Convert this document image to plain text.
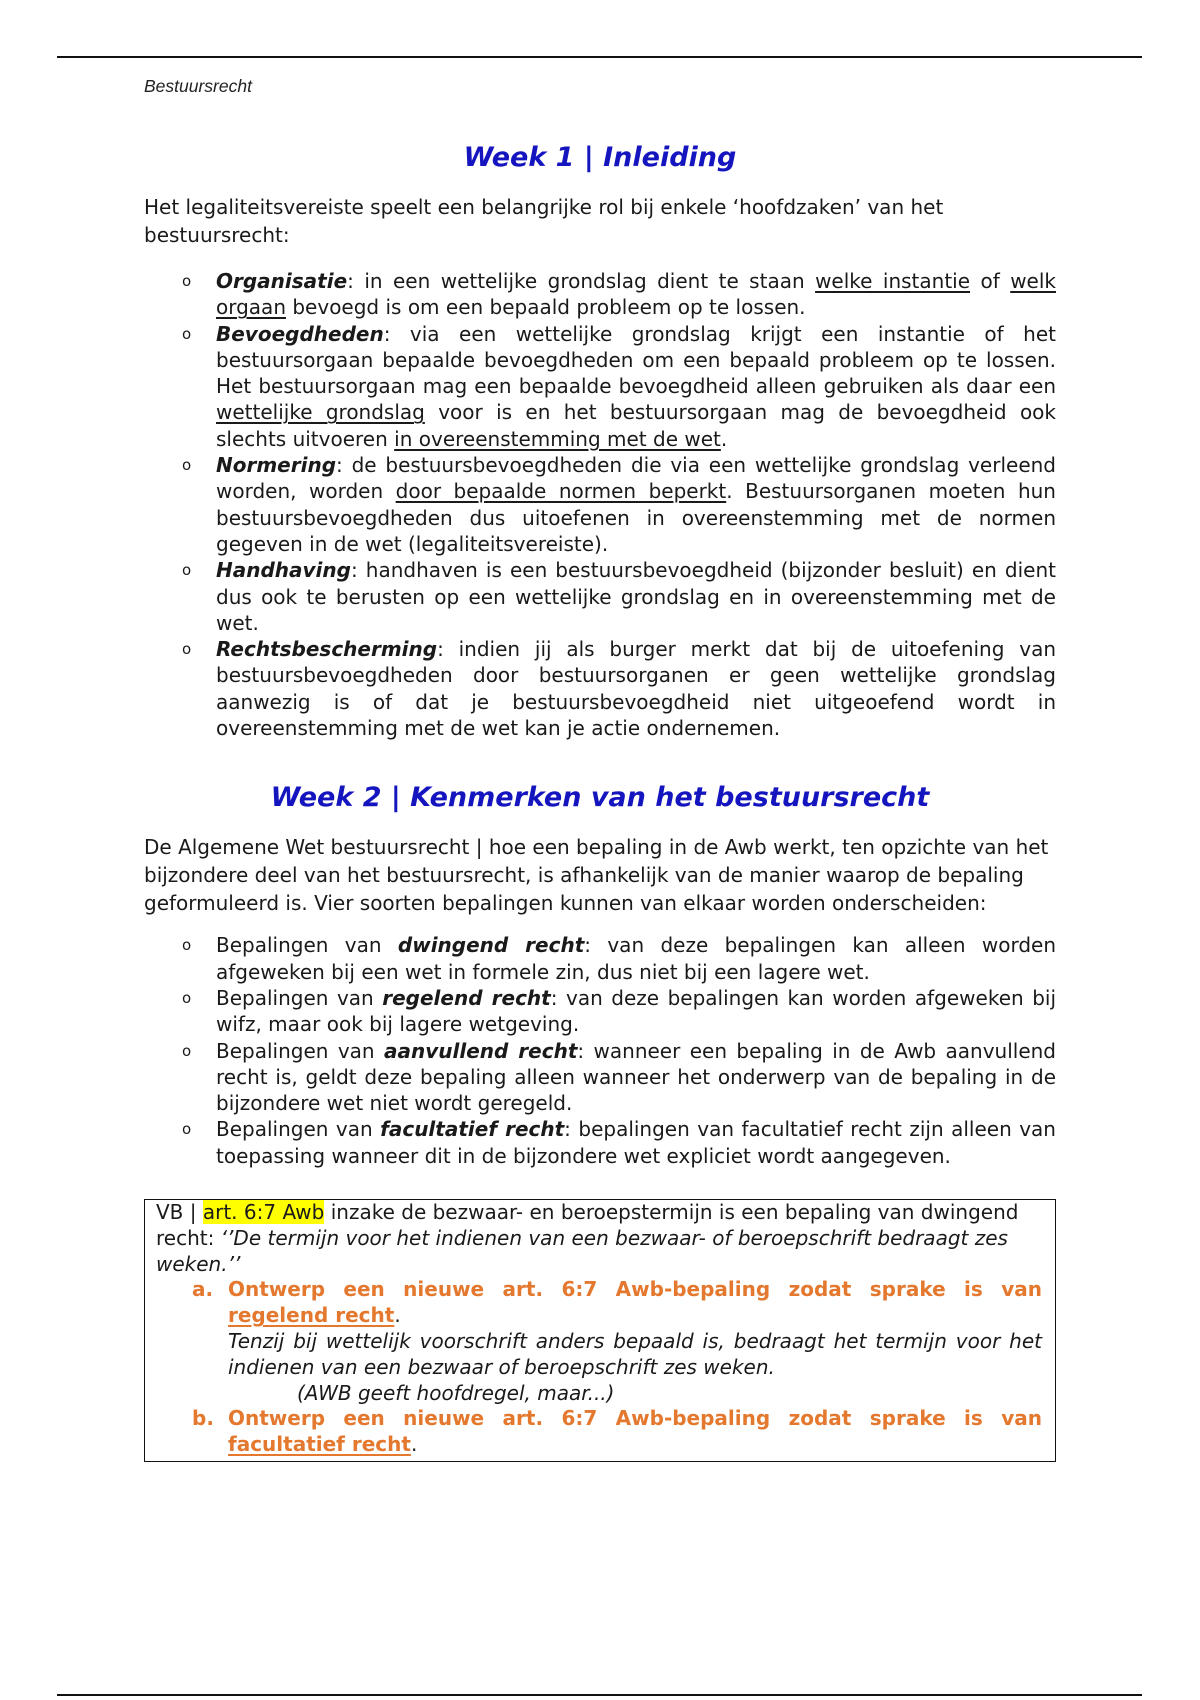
Bestuursrecht
Week 1 | Inleiding

Het legaliteitsvereiste speelt een belangrijke rol bij enkele ‘hoofdzaken’ van het bestuursrecht:

o	Organisatie: in een wettelijke grondslag dient te staan welke instantie of welk orgaan bevoegd is om een bepaald probleem op te lossen.
o	Bevoegdheden: via een wettelijke grondslag krijgt een instantie of het bestuursorgaan bepaalde bevoegdheden om een bepaald probleem op te lossen. Het bestuursorgaan mag een bepaalde bevoegdheid alleen gebruiken als daar een wettelijke grondslag voor is en het bestuursorgaan mag de bevoegdheid ook slechts uitvoeren in overeenstemming met de wet.
o	Normering: de bestuursbevoegdheden die via een wettelijke grondslag verleend worden, worden door bepaalde normen beperkt. Bestuursorganen moeten hun bestuursbevoegdheden dus uitoefenen in overeenstemming met de normen gegeven in de wet (legaliteitsvereiste).
o	Handhaving: handhaven is een bestuursbevoegdheid (bijzonder besluit) en dient dus ook te berusten op een wettelijke grondslag en in overeenstemming met de wet.
o	Rechtsbescherming: indien jij als burger merkt dat bij de uitoefening van bestuursbevoegdheden door bestuursorganen er geen wettelijke grondslag aanwezig is of dat je bestuursbevoegdheid niet uitgeoefend wordt in overeenstemming met de wet kan je actie ondernemen.
Week 2 | Kenmerken van het bestuursrecht

De Algemene Wet bestuursrecht | hoe een bepaling in de Awb werkt, ten opzichte van het bijzondere deel van het bestuursrecht, is afhankelijk van de manier waarop de bepaling geformuleerd is. Vier soorten bepalingen kunnen van elkaar worden onderscheiden:

o	Bepalingen van dwingend recht: van deze bepalingen kan alleen worden afgeweken bij een wet in formele zin, dus niet bij een lagere wet.
o	Bepalingen van regelend recht: van deze bepalingen kan worden afgeweken bij wifz, maar ook bij lagere wetgeving.
o	Bepalingen van aanvullend recht: wanneer een bepaling in de Awb aanvullend recht is, geldt deze bepaling alleen wanneer het onderwerp van de bepaling in de bijzondere wet niet wordt geregeld.
o	Bepalingen van facultatief recht: bepalingen van facultatief recht zijn alleen van toepassing wanneer dit in de bijzondere wet expliciet wordt aangegeven.

VB | art. 6:7 Awb inzake de bezwaar- en beroepstermijn is een bepaling van dwingend recht: ‘’De termijn voor het indienen van een bezwaar- of beroepschrift bedraagt zes weken.’’

a. Ontwerp een nieuwe art. 6:7 Awb-bepaling zodat sprake is van regelend recht.

Tenzij bij wettelijk voorschrift anders bepaald is, bedraagt het termijn voor het indienen van een bezwaar of beroepschrift zes weken.

(AWB geeft hoofdregel, maar...)

b. Ontwerp een nieuwe art. 6:7 Awb-bepaling zodat sprake is van facultatief recht.
